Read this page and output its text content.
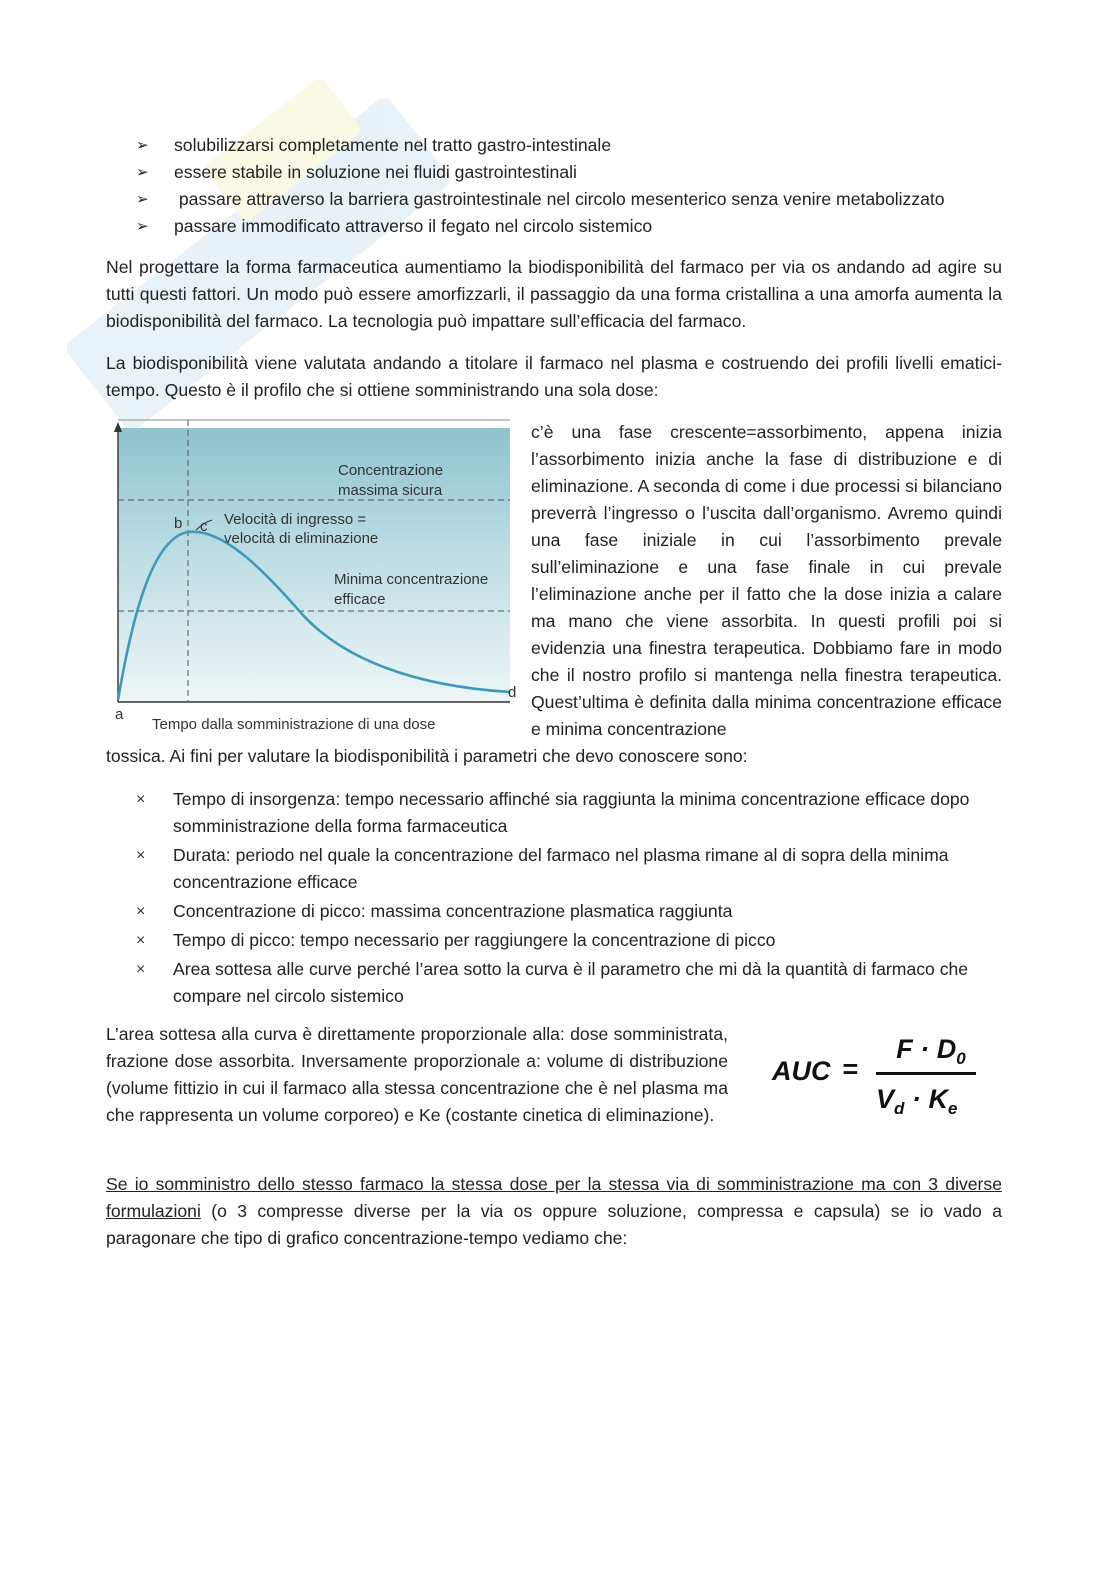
➢ solubilizzarsi completamente nel tratto gastro-intestinale
➢ essere stabile in soluzione nei fluidi gastrointestinali
➢ passare attraverso la barriera gastrointestinale nel circolo mesenterico senza venire metabolizzato
➢ passare immodificato attraverso il fegato nel circolo sistemico

Nel progettare la forma farmaceutica aumentiamo la biodisponibilità del farmaco per via os andando ad agire su tutti questi fattori. Un modo può essere amorfizzarli, il passaggio da una forma cristallina a una amorfa aumenta la biodisponibilità del farmaco. La tecnologia può impattare sull’efficacia del farmaco.

La biodisponibilità viene valutata andando a titolare il farmaco nel plasma e costruendo dei profili livelli ematici-tempo. Questo è il profilo che si ottiene somministrando una sola dose:

Concentrazione
massima sicura
Velocità di ingresso =
velocità di eliminazione
Minima concentrazione
efficace
b c
a
d
Tempo dalla somministrazione di una dose

c’è una fase crescente=assorbimento, appena inizia l’assorbimento inizia anche la fase di distribuzione e di eliminazione. A seconda di come i due processi si bilanciano preverrà l’ingresso o l’uscita dall’organismo. Avremo quindi una fase iniziale in cui l’assorbimento prevale sull’eliminazione e una fase finale in cui prevale l’eliminazione anche per il fatto che la dose inizia a calare ma mano che viene assorbita. In questi profili poi si evidenzia una finestra terapeutica. Dobbiamo fare in modo che il nostro profilo si mantenga nella finestra terapeutica. Quest’ultima è definita dalla minima concentrazione efficace e minima concentrazione

tossica. Ai fini per valutare la biodisponibilità i parametri che devo conoscere sono:

× Tempo di insorgenza: tempo necessario affinché sia raggiunta la minima concentrazione efficace dopo somministrazione della forma farmaceutica
× Durata: periodo nel quale la concentrazione del farmaco nel plasma rimane al di sopra della minima concentrazione efficace
× Concentrazione di picco: massima concentrazione plasmatica raggiunta
× Tempo di picco: tempo necessario per raggiungere la concentrazione di picco
× Area sottesa alle curve perché l’area sotto la curva è il parametro che mi dà la quantità di farmaco che compare nel circolo sistemico

L’area sottesa alla curva è direttamente proporzionale alla: dose somministrata, frazione dose assorbita. Inversamente proporzionale a: volume di distribuzione (volume fittizio in cui il farmaco alla stessa concentrazione che è nel plasma ma che rappresenta un volume corporeo) e Ke (costante cinetica di eliminazione).

AUC =
$F \cdot D_0$
$V_d \cdot K_e$

Se io somministro dello stesso farmaco la stessa dose per la stessa via di somministrazione ma con 3 diverse formulazioni (o 3 compresse diverse per la via os oppure soluzione, compressa e capsula) se io vado a paragonare che tipo di grafico concentrazione-tempo vediamo che:
